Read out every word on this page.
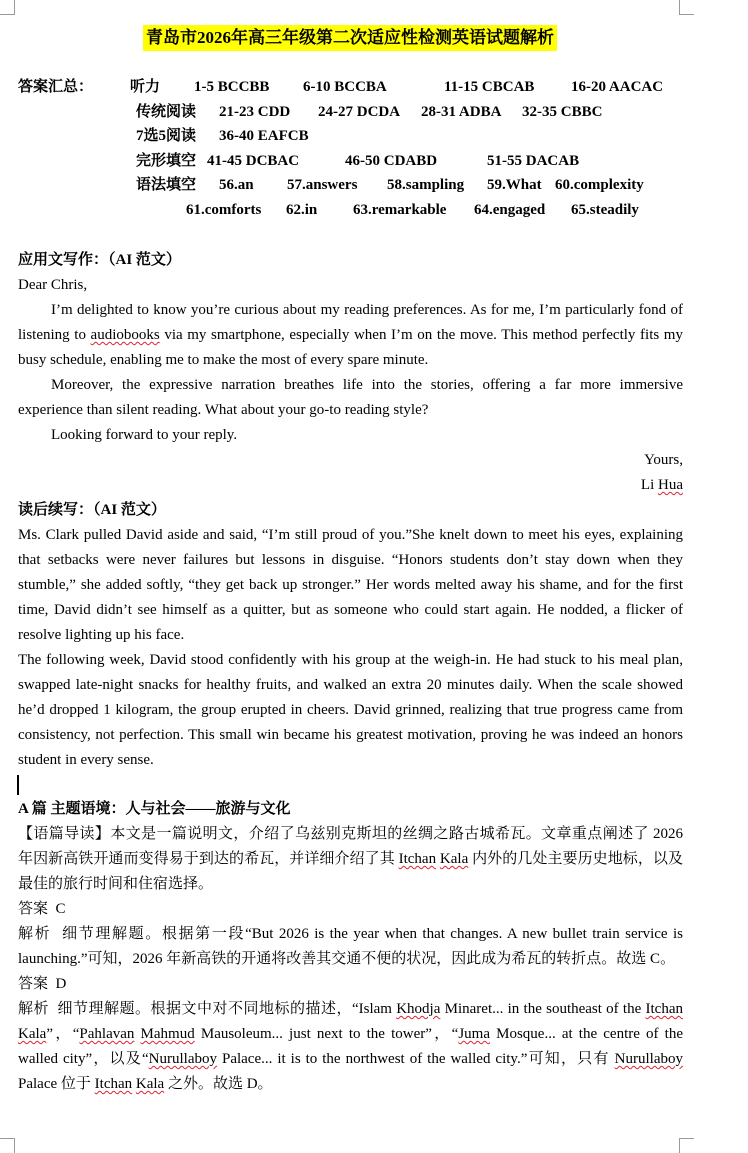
青岛市2026年高三年级第二次适应性检测英语试题解析
答案汇总： 听力 1-5 BCCBB 6-10 BCCBA	11-15 CBCAB 16-20 AACAC
传统阅读 21-23 CDD 24-27 DCDA 28-31 ADBA 32-35 CBBC
7选5阅读 36-40 EAFCB
完形填空 41-45 DCBAC	46-50 CDABD	51-55 DACAB
语法填空 56.an 57.answers 58.sampling 59.What 60.complexity
61.comforts 62.in 63.remarkable 64.engaged 65.steadily

应用文写作：（AI 范文）

Dear Chris,

I’m delighted to know you’re curious about my reading preferences. As for me, I’m particularly fond of listening to audiobooks via my smartphone, especially when I’m on the move. This method perfectly fits my busy schedule, enabling me to make the most of every spare minute.

Moreover, the expressive narration breathes life into the stories, offering a far more immersive experience than silent reading. What about your go-to reading style?

Looking forward to your reply.

Yours,

Li Hua

读后续写：（AI 范文）

Ms. Clark pulled David aside and said, “I’m still proud of you.”She knelt down to meet his eyes, explaining that setbacks were never failures but lessons in disguise. “Honors students don’t stay down when they stumble,” she added softly, “they get back up stronger.” Her words melted away his shame, and for the first time, David didn’t see himself as a quitter, but as someone who could start again. He nodded, a flicker of resolve lighting up his face.

The following week, David stood confidently with his group at the weigh-in. He had stuck to his meal plan, swapped late-night snacks for healthy fruits, and walked an extra 20 minutes daily. When the scale showed he’d dropped 1 kilogram, the group erupted in cheers. David grinned, realizing that true progress came from consistency, not perfection. This small win became his greatest motivation, proving he was indeed an honors student in every sense.

A 篇 主题语境：人与社会——旅游与文化

【语篇导读】本文是一篇说明文，介绍了乌兹别克斯坦的丝绸之路古城希瓦。文章重点阐述了 2026 年因新高铁开通而变得易于到达的希瓦，并详细介绍了其 Itchan Kala 内外的几处主要历史地标，以及最佳的旅行时间和住宿选择。

答案 C

解析 细节理解题。根据第一段“But 2026 is the year when that changes. A new bullet train service is launching.”可知，2026 年新高铁的开通将改善其交通不便的状况，因此成为希瓦的转折点。故选 C。

答案 D

解析 细节理解题。根据文中对不同地标的描述，“Islam Khodja Minaret... in the southeast of the Itchan Kala”，“Pahlavan Mahmud Mausoleum... just next to the tower”，“Juma Mosque... at the centre of the walled city”，以及“Nurullaboy Palace... it is to the northwest of the walled city.”可知，只有 Nurullaboy Palace 位于 Itchan Kala 之外。故选 D。
